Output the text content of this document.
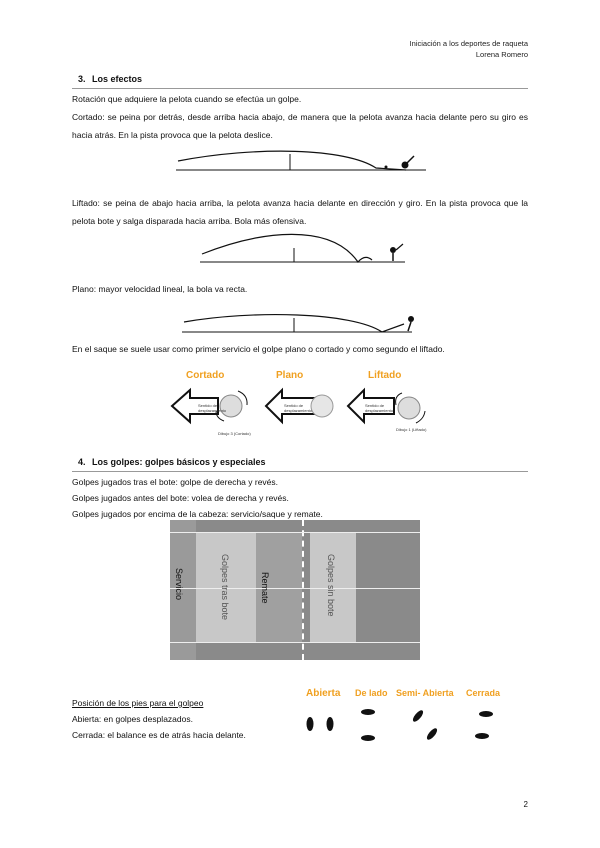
Iniciación a los deportes de raqueta
Lorena Romero
3. Los efectos
Rotación que adquiere la pelota cuando se efectúa un golpe.
Cortado: se peina por detrás, desde arriba hacia abajo, de manera que la pelota avanza hacia delante pero su giro es hacia atrás. En la pista provoca que la pelota deslice.
Liftado: se peina de abajo hacia arriba, la pelota avanza hacia delante en dirección y giro. En la pista provoca que la pelota bote y salga disparada hacia arriba. Bola más ofensiva.
Plano: mayor velocidad lineal, la bola va recta.
En el saque se suele usar como primer servicio el golpe plano o cortado y como segundo el liftado.
Cortado	Plano	Liftado
Sentido de desplazamiento
Sentido de desplazamiento
Sentido de desplazamiento
Dibujo 3 (Cortado)
Dibujo 1 (Liftado)
4. Los golpes: golpes básicos y especiales
Golpes jugados tras el bote: golpe de derecha y revés.
Golpes jugados antes del bote: volea de derecha y revés.
Golpes jugados por encima de la cabeza: servicio/saque y remate.
Servicio	Golpes tras bote	Remate	Golpes sin bote
Posición de los pies para el golpeo
Abierta: en golpes desplazados.
Cerrada: el balance es de atrás hacia delante.
Abierta De lado Semi- Abierta Cerrada
2
